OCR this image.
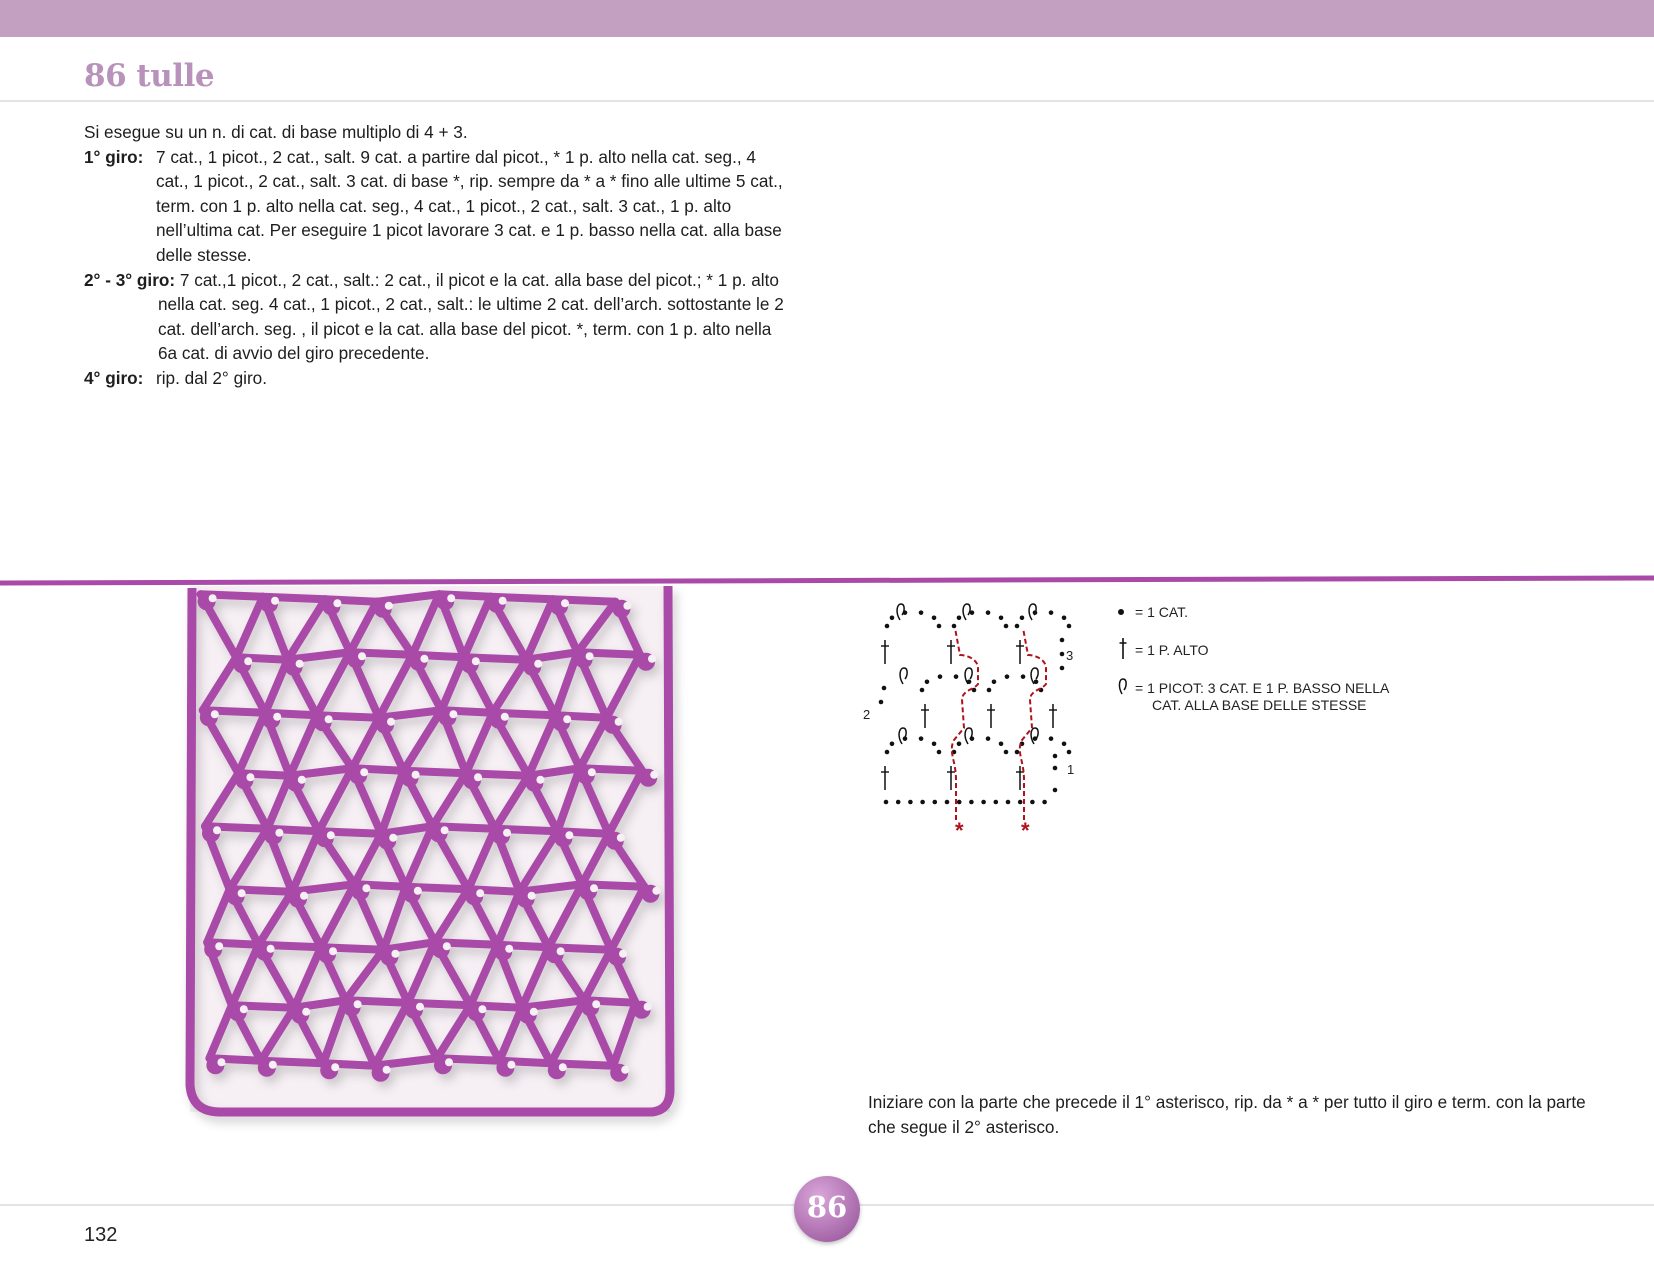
86 tulle

Si esegue su un n. di cat. di base multiplo di 4 + 3.

1° giro: 7 cat., 1 picot., 2 cat., salt. 9 cat. a partire dal picot., * 1 p. alto nella cat. seg., 4 cat., 1 picot., 2 cat., salt. 3 cat. di base *, rip. sempre da * a * fino alle ultime 5 cat., term. con 1 p. alto nella cat. seg., 4 cat., 1 picot., 2 cat., salt. 3 cat., 1 p. alto nell’ultima cat. Per eseguire 1 picot lavorare 3 cat. e 1 p. basso nella cat. alla base delle stesse.

2° - 3° giro: 7 cat.,1 picot., 2 cat., salt.: 2 cat., il picot e la cat. alla base del picot.; * 1 p. alto nella cat. seg. 4 cat., 1 picot., 2 cat., salt.: le ultime 2 cat. dell’arch. sottostante le 2 cat. dell’arch. seg. , il picot e la cat. alla base del picot. *, term. con 1 p. alto nella 6a cat. di avvio del giro precedente.

4° giro: rip. dal 2° giro.

3
2
1
*	*
= 1 CAT.
= 1 P. ALTO
= 1 PICOT: 3 CAT. E 1 P. BASSO NELLA
CAT. ALLA BASE DELLE STESSE

Iniziare con la parte che precede il 1° asterisco, rip. da * a * per tutto il giro e term. con la parte che segue il 2° asterisco.

132
86
